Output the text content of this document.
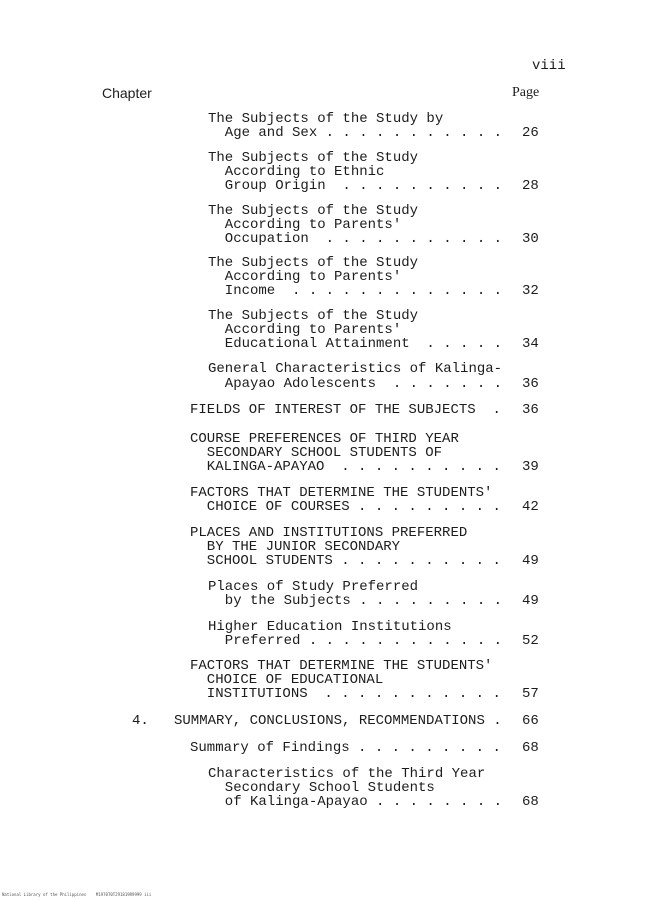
viii
Chapter	Page
The Subjects of the Study by
Age and Sex . . . . . . . . . . . 26
The Subjects of the Study
According to Ethnic
Group Origin  . . . . . . . . . . 28
The Subjects of the Study
According to Parents'
Occupation  . . . . . . . . . . . 30
The Subjects of the Study
According to Parents'
Income  . . . . . . . . . . . . . 32
The Subjects of the Study
According to Parents'
Educational Attainment  . . . . . 34
General Characteristics of Kalinga-
Apayao Adolescents  . . . . . . . 36
FIELDS OF INTEREST OF THE SUBJECTS  . 36
COURSE PREFERENCES OF THIRD YEAR
SECONDARY SCHOOL STUDENTS OF
KALINGA-APAYAO  . . . . . . . . . . 39
FACTORS THAT DETERMINE THE STUDENTS'
CHOICE OF COURSES . . . . . . . . . 42
PLACES AND INSTITUTIONS PREFERRED
BY THE JUNIOR SECONDARY
SCHOOL STUDENTS . . . . . . . . . . 49
Places of Study Preferred
by the Subjects . . . . . . . . . 49
Higher Education Institutions
Preferred . . . . . . . . . . . . 52
FACTORS THAT DETERMINE THE STUDENTS'
CHOICE OF EDUCATIONAL
INSTITUTIONS  . . . . . . . . . . . 57
4. SUMMARY, CONCLUSIONS, RECOMMENDATIONS . 66
Summary of Findings . . . . . . . . . 68
Characteristics of the Third Year
Secondary School Students
of Kalinga-Apayao . . . . . . . . 68
National Library of the Philippines    M1970T0T291819R9999 iii
